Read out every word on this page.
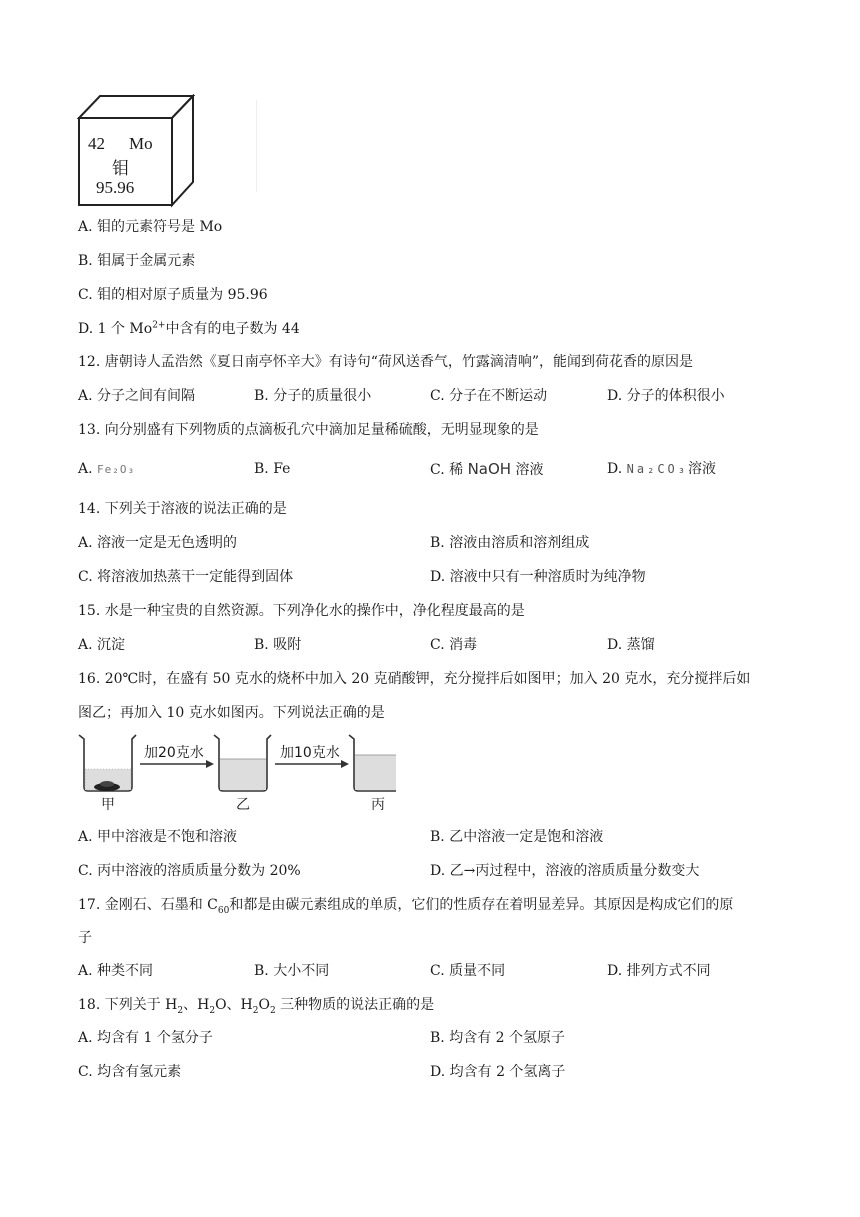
42 Mo
钼
95.96
A. 钼的元素符号是 Mo
B. 钼属于金属元素
C. 钼的相对原子质量为 95.96
D. 1 个 $Mo^{2+}$中含有的电子数为 44
12. 唐朝诗人孟浩然《夏日南亭怀辛大》有诗句“荷风送香气，竹露滴清响”，能闻到荷花香的原因是
A. 分子之间有间隔	B. 分子的质量很小	C. 分子在不断运动	D. 分子的体积很小
13. 向分别盛有下列物质的点滴板孔穴中滴加足量稀硫酸，无明显现象的是
A. Fe₂O₃	B. Fe	C. 稀 NaOH 溶液	D. Na₂CO₃溶液
14. 下列关于溶液的说法正确的是
A. 溶液一定是无色透明的	B. 溶液由溶质和溶剂组成
C. 将溶液加热蒸干一定能得到固体	D. 溶液中只有一种溶质时为纯净物
15. 水是一种宝贵的自然资源。下列净化水的操作中，净化程度最高的是
A. 沉淀	B. 吸附	C. 消毒	D. 蒸馏
16. 20℃时，在盛有 50 克水的烧杯中加入 20 克硝酸钾，充分搅拌后如图甲；加入 20 克水，充分搅拌后如
图乙；再加入 10 克水如图丙。下列说法正确的是
加20克水	加10克水
甲	乙	丙
A. 甲中溶液是不饱和溶液	B. 乙中溶液一定是饱和溶液
C. 丙中溶液的溶质质量分数为 20%	D. 乙→丙过程中，溶液的溶质质量分数变大
17. 金刚石、石墨和 $C_{60}$和都是由碳元素组成的单质，它们的性质存在着明显差异。其原因是构成它们的原
子
A. 种类不同	B. 大小不同	C. 质量不同	D. 排列方式不同
18. 下列关于 $H_2$、$H_2O$、$H_2O_2$ 三种物质的说法正确的是
A. 均含有 1 个氢分子	B. 均含有 2 个氢原子
C. 均含有氢元素	D. 均含有 2 个氢离子
